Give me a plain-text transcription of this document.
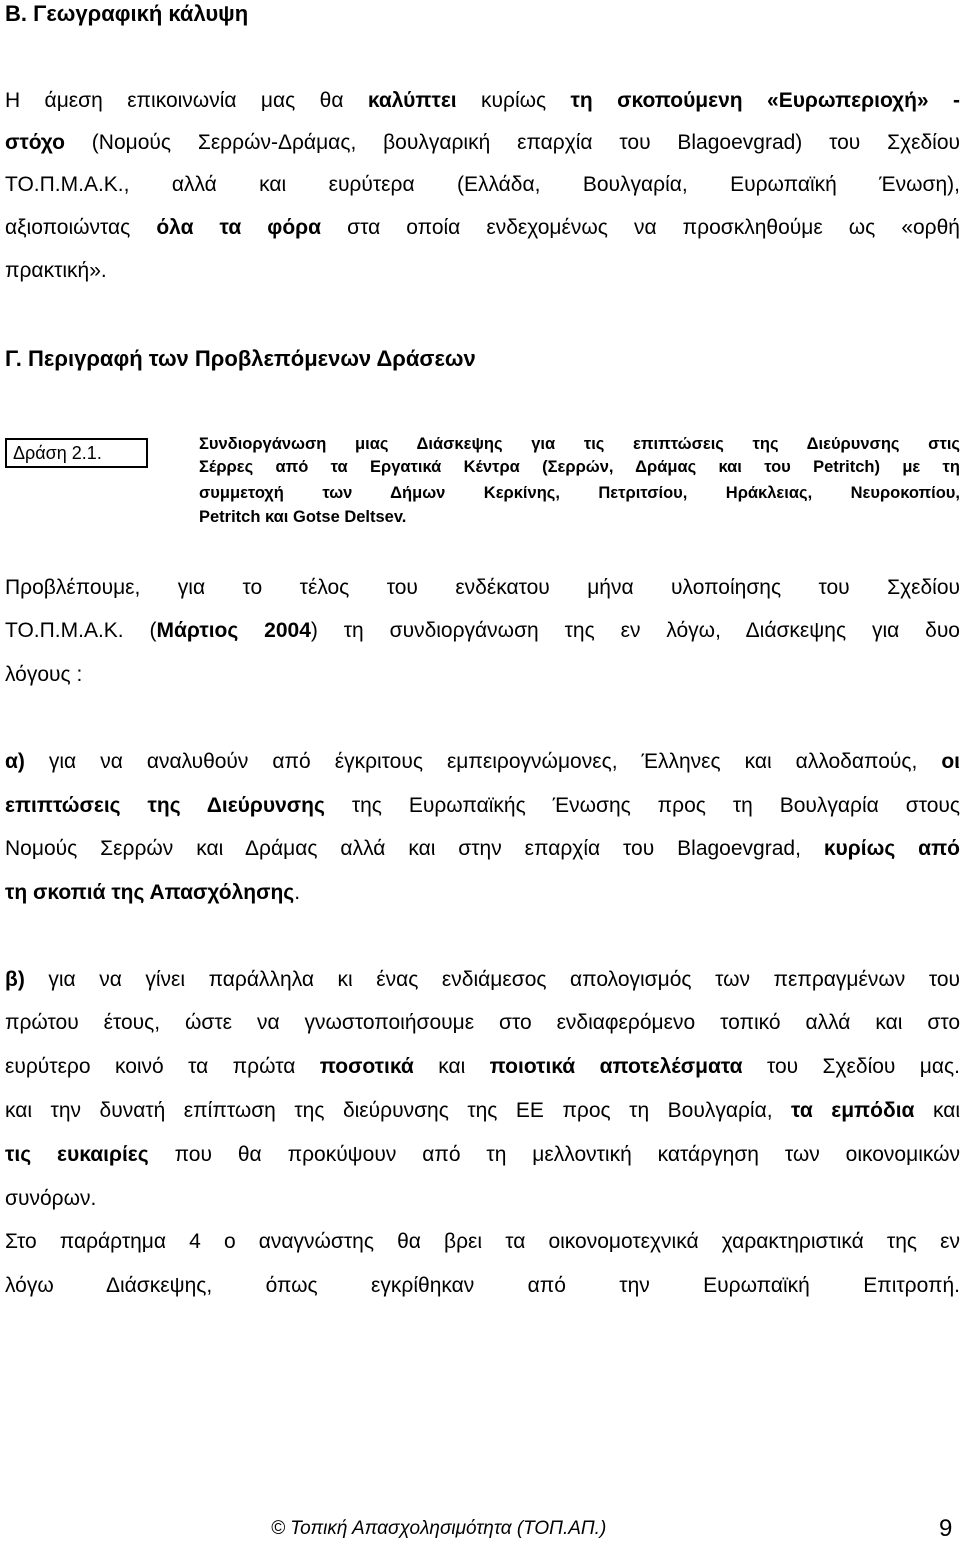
Β. Γεωγραφική κάλυψη
Η άμεση επικοινωνία μας θα καλύπτει κυρίως τη σκοπούμενη «Ευρωπεριοχή» -
στόχο (Νομούς Σερρών-Δράμας, βουλγαρική επαρχία του Blagoevgrad) του Σχεδίου
ΤΟ.Π.Μ.Α.Κ., αλλά και ευρύτερα (Ελλάδα, Βουλγαρία, Ευρωπαϊκή Ένωση),
αξιοποιώντας όλα τα φόρα στα οποία ενδεχομένως να προσκληθούμε ως «ορθή
πρακτική».
Γ. Περιγραφή των Προβλεπόμενων Δράσεων
Δράση 2.1.	Συνδιοργάνωση μιας Διάσκεψης για τις επιπτώσεις της Διεύρυνσης στις
Σέρρες από τα Εργατικά Κέντρα (Σερρών, Δράμας και του Petritch) με τη
συμμετοχή των Δήμων Κερκίνης, Πετριτσίου, Ηράκλειας, Νευροκοπίου,
Petritch και Gotse Deltsev.
Προβλέπουμε, για το τέλος του ενδέκατου μήνα υλοποίησης του Σχεδίου
ΤΟ.Π.Μ.Α.Κ. (Μάρτιος 2004) τη συνδιοργάνωση της εν λόγω, Διάσκεψης για δυο
λόγους :
α) για να αναλυθούν από έγκριτους εμπειρογνώμονες, Έλληνες και αλλοδαπούς, οι
επιπτώσεις της Διεύρυνσης της Ευρωπαϊκής Ένωσης προς τη Βουλγαρία στους
Νομούς Σερρών και Δράμας αλλά και στην επαρχία του Blagoevgrad, κυρίως από
τη σκοπιά της Απασχόλησης.
β) για να γίνει παράλληλα κι ένας ενδιάμεσος απολογισμός των πεπραγμένων του
πρώτου έτους, ώστε να γνωστοποιήσουμε στο ενδιαφερόμενο τοπικό αλλά και στο
ευρύτερο κοινό τα πρώτα ποσοτικά και ποιοτικά αποτελέσματα του Σχεδίου μας.
και την δυνατή επίπτωση της διεύρυνσης της ΕΕ προς τη Βουλγαρία, τα εμπόδια και
τις ευκαιρίες που θα προκύψουν από τη μελλοντική κατάργηση των οικονομικών
συνόρων.
Στο παράρτημα 4 ο αναγνώστης θα βρει τα οικονομοτεχνικά χαρακτηριστικά της εν
λόγω Διάσκεψης, όπως εγκρίθηκαν από την Ευρωπαϊκή Επιτροπή.
© Τοπική Απασχολησιμότητα (ΤΟΠ.ΑΠ.)	9
